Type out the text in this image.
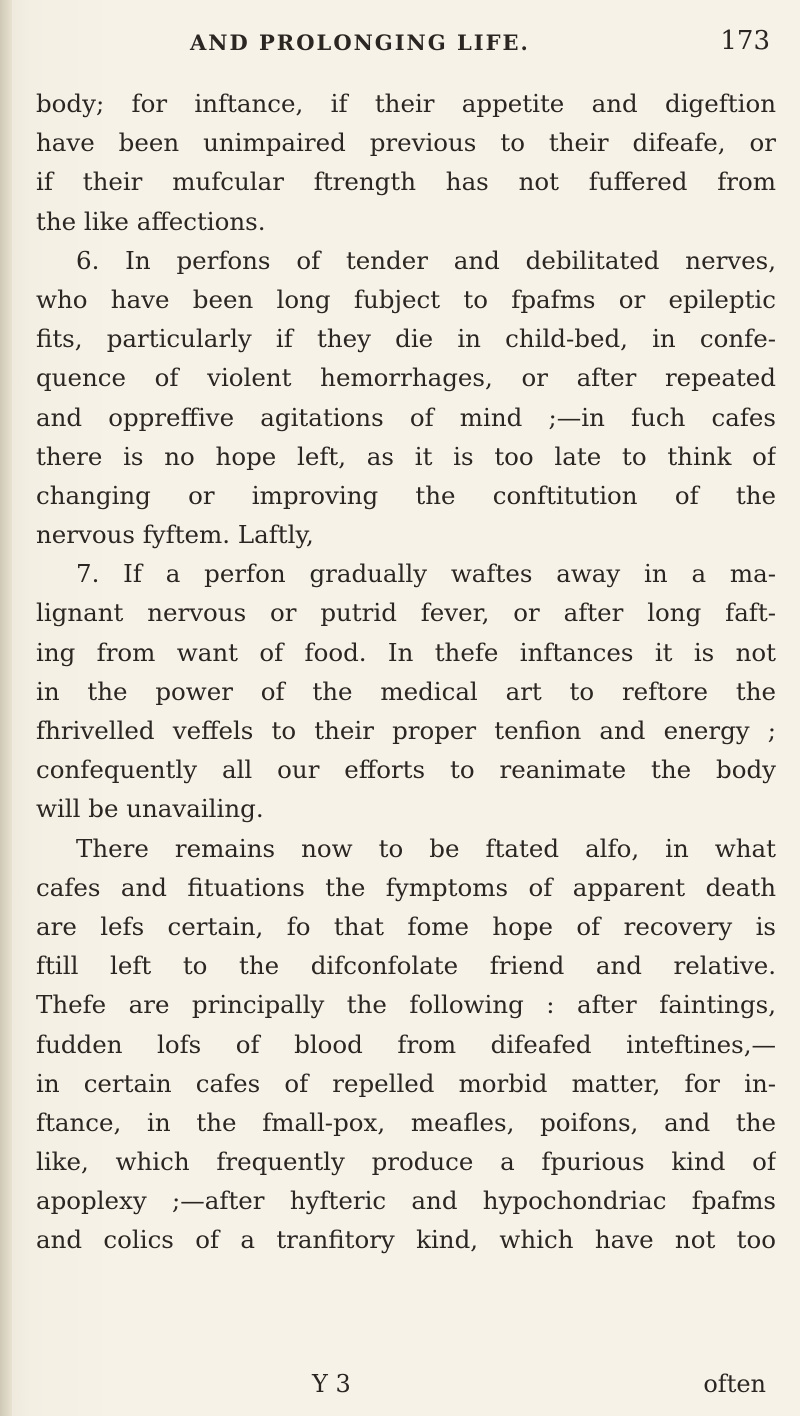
AND PROLONGING LIFE.	173
body; for inftance, if their appetite and digeftion
have been unimpaired previous to their difeafe, or
if their mufcular ftrength has not fuffered from
the like affections.
6. In perfons of tender and debilitated nerves,
who have been long fubject to fpafms or epileptic
fits, particularly if they die in child-bed, in confe-
quence of violent hemorrhages, or after repeated
and oppreffive agitations of mind ;—in fuch cafes
there is no hope left, as it is too late to think of
changing or improving the conftitution of the
nervous fyftem. Laftly,
7. If a perfon gradually waftes away in a ma-
lignant nervous or putrid fever, or after long faft-
ing from want of food. In thefe inftances it is not
in the power of the medical art to reftore the
fhrivelled veffels to their proper tenfion and energy ;
confequently all our efforts to reanimate the body
will be unavailing.
There remains now to be ftated alfo, in what
cafes and fituations the fymptoms of apparent death
are lefs certain, fo that fome hope of recovery is
ftill left to the difconfolate friend and relative.
Thefe are principally the following : after faintings,
fudden lofs of blood from difeafed inteftines,—
in certain cafes of repelled morbid matter, for in-
ftance, in the fmall-pox, meafles, poifons, and the
like, which frequently produce a fpurious kind of
apoplexy ;—after hyfteric and hypochondriac fpafms
and colics of a tranfitory kind, which have not too
Y 3	often
